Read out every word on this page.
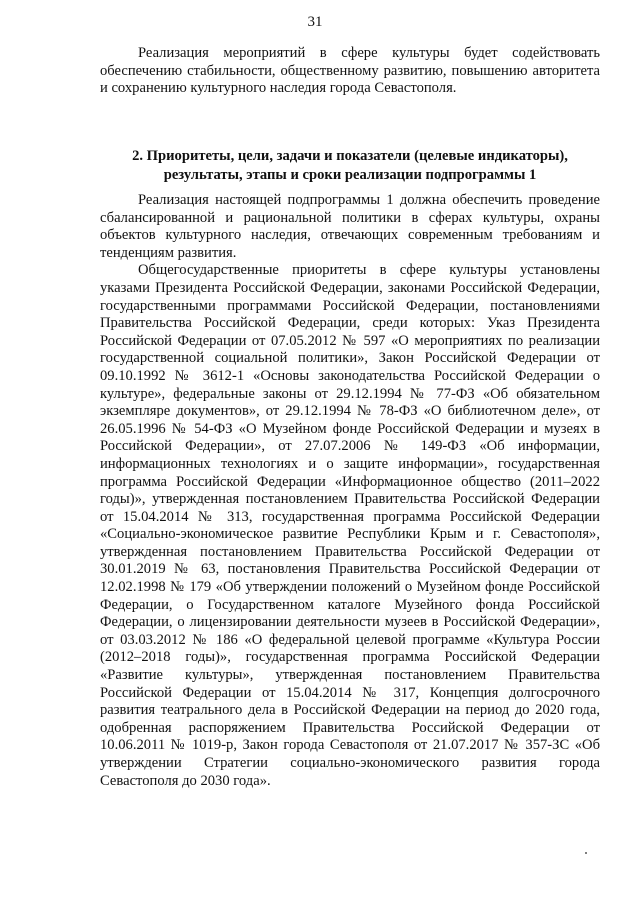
31

Реализация мероприятий в сфере культуры будет содействовать обеспечению стабильности, общественному развитию, повышению авторитета и сохранению культурного наследия города Севастополя.

2. Приоритеты, цели, задачи и показатели (целевые индикаторы),
результаты, этапы и сроки реализации подпрограммы 1

Реализация настоящей подпрограммы 1 должна обеспечить проведение сбалансированной и рациональной политики в сферах культуры, охраны объектов культурного наследия, отвечающих современным требованиям и тенденциям развития.

Общегосударственные приоритеты в сфере культуры установлены указами Президента Российской Федерации, законами Российской Федерации, государственными программами Российской Федерации, постановлениями Правительства Российской Федерации, среди которых: Указ Президента Российской Федерации от 07.05.2012 № 597 «О мероприятиях по реализации государственной социальной политики», Закон Российской Федерации от 09.10.1992 № 3612-1 «Основы законодательства Российской Федерации о культуре», федеральные законы от 29.12.1994 № 77-ФЗ «Об обязательном экземпляре документов», от 29.12.1994 № 78-ФЗ «О библиотечном деле», от 26.05.1996 № 54-ФЗ «О Музейном фонде Российской Федерации и музеях в Российской Федерации», от 27.07.2006 № 149-ФЗ «Об информации, информационных технологиях и о защите информации», государственная программа Российской Федерации «Информационное общество (2011–2022 годы)», утвержденная постановлением Правительства Российской Федерации от 15.04.2014 № 313, государственная программа Российской Федерации «Социально-экономическое развитие Республики Крым и г. Севастополя», утвержденная постановлением Правительства Российской Федерации от 30.01.2019 № 63, постановления Правительства Российской Федерации от 12.02.1998 № 179 «Об утверждении положений о Музейном фонде Российской Федерации, о Государственном каталоге Музейного фонда Российской Федерации, о лицензировании деятельности музеев в Российской Федерации», от 03.03.2012 № 186 «О федеральной целевой программе «Культура России (2012–2018 годы)», государственная программа Российской Федерации «Развитие культуры», утвержденная постановлением Правительства Российской Федерации от 15.04.2014 № 317, Концепция долгосрочного развития театрального дела в Российской Федерации на период до 2020 года, одобренная распоряжением Правительства Российской Федерации от 10.06.2011 № 1019-р, Закон города Севастополя от 21.07.2017 № 357-ЗС «Об утверждении Стратегии социально-экономического развития города Севастополя до 2030 года».
